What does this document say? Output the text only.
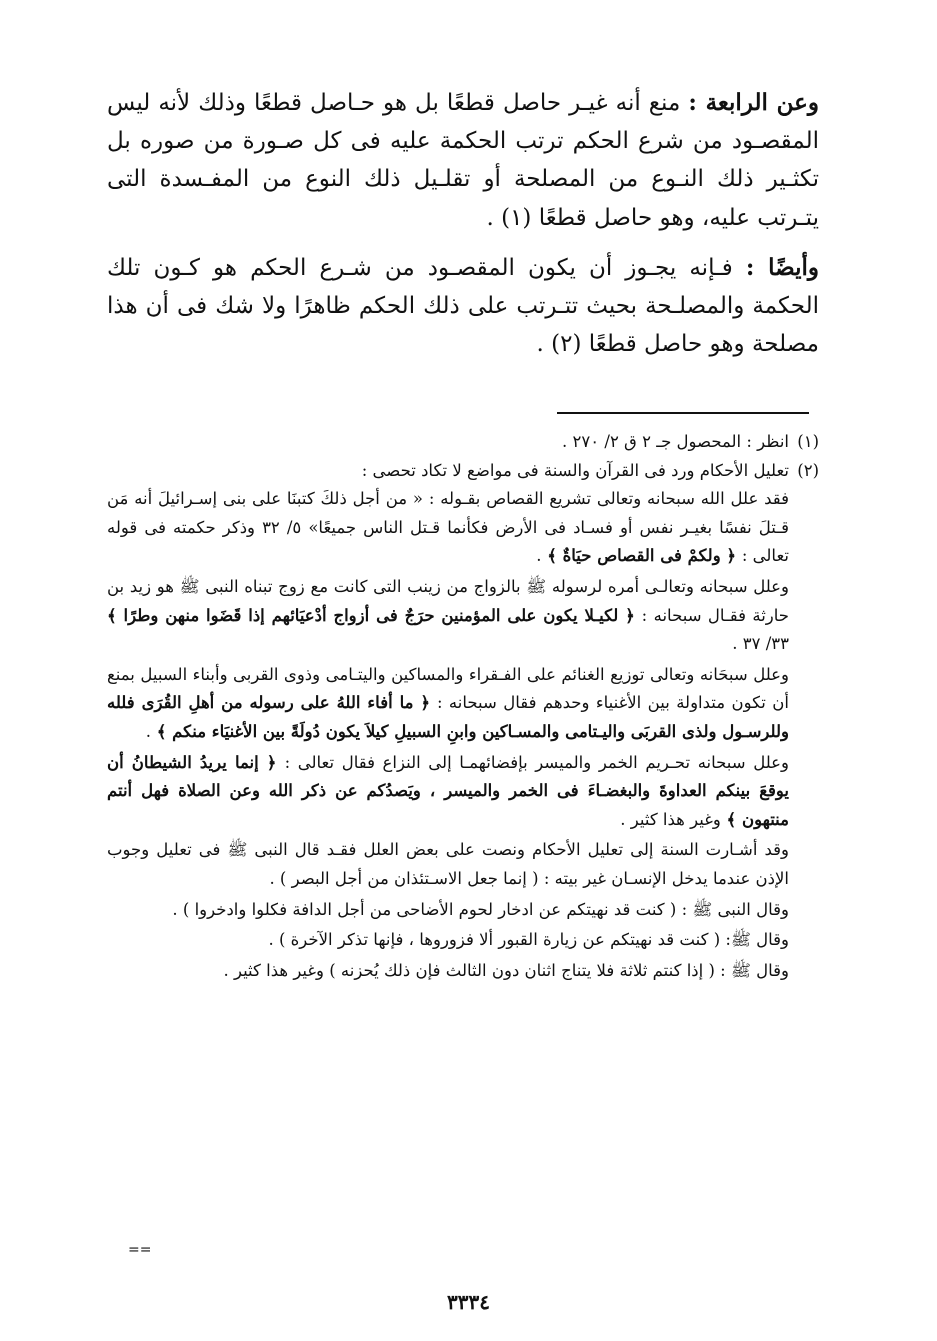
وعن الرابعة : منع أنه غيـر حاصل قطعًا بل هو حـاصل قطعًا وذلك لأنه ليس المقصـود من شرع الحكم ترتب الحكمة عليه فى كل صـورة من صوره بل تكثـير ذلك النـوع من المصلحة أو تقلـيل ذلك النوع من المفـسدة التى يتـرتب عليه، وهو حاصل قطعًا (١) .

وأيضًا : فـإنه يجـوز أن يكون المقصـود من شـرع الحكم هو كـون تلك الحكمة والمصلـحة بحيث تتـرتب على ذلك الحكم ظاهرًا ولا شك فى أن هذا مصلحة وهو حاصل قطعًا (٢) .

(١)
انظر : المحصول جـ ٢ ق ٢/ ٢٧٠ .
(٢)
تعليل الأحكام ورد فى القرآن والسنة فى مواضع لا تكاد تحصى :

فقد علل الله سبحانه وتعالى تشريع القصاص بقـوله : « من أجل ذلكَ كتبنَا على بنى إسـرائيلَ أنه مَن قـتلَ نفسًا بغيـر نفس أو فسـاد فى الأرض فكأنما قـتل الناس جميعًا» ٥/ ٣٢ وذكر حكمته فى قوله تعالى : ﴿ ولكمْ فى القصاص حيَاةٌ ﴾ .

وعلل سبحانه وتعالـى أمره لرسوله ﷺ بالزواج من زينب التى كانت مع زوج تبناه النبى ﷺ هو زيد بن حارثة فقـال سبحانه : ﴿ لكيـلا يكون على المؤمنين حرَجٌ فى أزواج أدْعيَائهم إذا قَضَوا منهن وطرًا ﴾ ٣٣/ ٣٧ .

وعلل سبحَانه وتعالى توزيع الغنائم على الفـقراء والمساكين واليتـامى وذوى القربى وأبناء السبيل بمنع أن تكون متداولة بين الأغنياء وحدهم فقال سبحانه : ﴿ ما أفاء اللهُ على رسوله من أهلِ القُرَى فلله وللرسـول ولذى القربَى واليـتامى والمسـاكين وابنِ السبيلِ كيلاَ يكون دُولَةً بين الأغنيَاء منكم ﴾ .

وعلل سبحانه تحـريم الخمر والميسر بإفضائهمـا إلى النزاع فقال تعالى : ﴿ إنما يريدُ الشيطانُ أن يوقعَ بينكم العداوةَ والبغضـاءَ فى الخمر والميسر ، ويَصدُكم عن ذكر الله وعن الصلاة فهل أنتم منتهون ﴾ وغير هذا كثير .

وقد أشـارت السنة إلى تعليل الأحكام ونصت على بعض العلل فقـد قال النبى ﷺ فى تعليل وجوب الإذن عندما يدخل الإنسـان غير بيته : ( إنما جعل الاسـتئذان من أجل البصر ) .

وقال النبى ﷺ : ( كنت قد نهيتكم عن ادخار لحوم الأضاحى من أجل الدافة فكلوا وادخروا ) .

وقال ﷺ: ( كنت قد نهيتكم عن زيارة القبور ألا فزوروها ، فإنها تذكر الآخرة ) .

وقال ﷺ : ( إذا كنتم ثلاثة فلا يتناج اثنان دون الثالث فإن ذلك يُحزنه ) وغير هذا كثير .

==
٣٣٣٤
